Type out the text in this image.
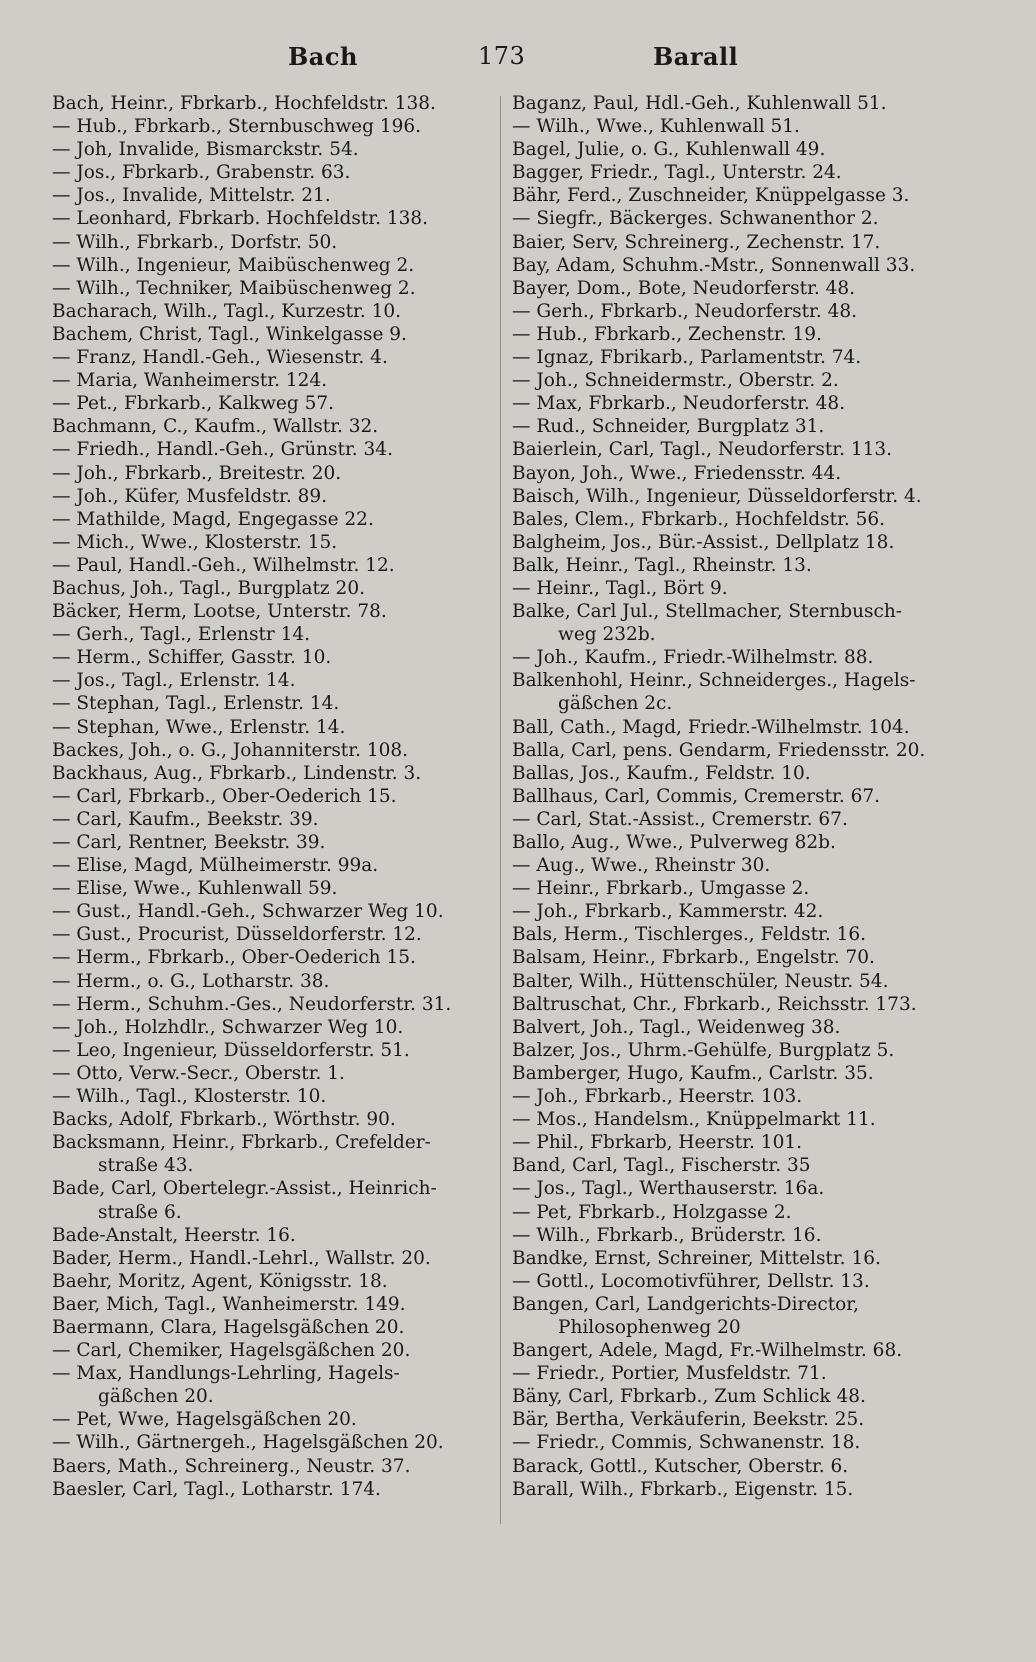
Bach	173	Barall
Bach, Heinr., Fbrkarb., Hochfeldstr. 138.
— Hub., Fbrkarb., Sternbuschweg 196.
— Joh, Invalide, Bismarckstr. 54.
— Jos., Fbrkarb., Grabenstr. 63.
— Jos., Invalide, Mittelstr. 21.
— Leonhard, Fbrkarb. Hochfeldstr. 138.
— Wilh., Fbrkarb., Dorfstr. 50.
— Wilh., Ingenieur, Maibüschenweg 2.
— Wilh., Techniker, Maibüschenweg 2.
Bacharach, Wilh., Tagl., Kurzestr. 10.
Bachem, Christ, Tagl., Winkelgasse 9.
— Franz, Handl.-Geh., Wiesenstr. 4.
— Maria, Wanheimerstr. 124.
— Pet., Fbrkarb., Kalkweg 57.
Bachmann, C., Kaufm., Wallstr. 32.
— Friedh., Handl.-Geh., Grünstr. 34.
— Joh., Fbrkarb., Breitestr. 20.
— Joh., Küfer, Musfeldstr. 89.
— Mathilde, Magd, Engegasse 22.
— Mich., Wwe., Klosterstr. 15.
— Paul, Handl.-Geh., Wilhelmstr. 12.
Bachus, Joh., Tagl., Burgplatz 20.
Bäcker, Herm, Lootse, Unterstr. 78.
— Gerh., Tagl., Erlenstr 14.
— Herm., Schiffer, Gasstr. 10.
— Jos., Tagl., Erlenstr. 14.
— Stephan, Tagl., Erlenstr. 14.
— Stephan, Wwe., Erlenstr. 14.
Backes, Joh., o. G., Johanniterstr. 108.
Backhaus, Aug., Fbrkarb., Lindenstr. 3.
— Carl, Fbrkarb., Ober-Oederich 15.
— Carl, Kaufm., Beekstr. 39.
— Carl, Rentner, Beekstr. 39.
— Elise, Magd, Mülheimerstr. 99a.
— Elise, Wwe., Kuhlenwall 59.
— Gust., Handl.-Geh., Schwarzer Weg 10.
— Gust., Procurist, Düsseldorferstr. 12.
— Herm., Fbrkarb., Ober-Oederich 15.
— Herm., o. G., Lotharstr. 38.
— Herm., Schuhm.-Ges., Neudorferstr. 31.
— Joh., Holzhdlr., Schwarzer Weg 10.
— Leo, Ingenieur, Düsseldorferstr. 51.
— Otto, Verw.-Secr., Oberstr. 1.
— Wilh., Tagl., Klosterstr. 10.
Backs, Adolf, Fbrkarb., Wörthstr. 90.
Backsmann, Heinr., Fbrkarb., Crefelder-
straße 43.
Bade, Carl, Obertelegr.-Assist., Heinrich-
straße 6.
Bade-Anstalt, Heerstr. 16.
Bader, Herm., Handl.-Lehrl., Wallstr. 20.
Baehr, Moritz, Agent, Königsstr. 18.
Baer, Mich, Tagl., Wanheimerstr. 149.
Baermann, Clara, Hagelsgäßchen 20.
— Carl, Chemiker, Hagelsgäßchen 20.
— Max, Handlungs-Lehrling, Hagels-
gäßchen 20.
— Pet, Wwe, Hagelsgäßchen 20.
— Wilh., Gärtnergeh., Hagelsgäßchen 20.
Baers, Math., Schreinerg., Neustr. 37.
Baesler, Carl, Tagl., Lotharstr. 174.
Baganz, Paul, Hdl.-Geh., Kuhlenwall 51.
— Wilh., Wwe., Kuhlenwall 51.
Bagel, Julie, o. G., Kuhlenwall 49.
Bagger, Friedr., Tagl., Unterstr. 24.
Bähr, Ferd., Zuschneider, Knüppelgasse 3.
— Siegfr., Bäckerges. Schwanenthor 2.
Baier, Serv, Schreinerg., Zechenstr. 17.
Bay, Adam, Schuhm.-Mstr., Sonnenwall 33.
Bayer, Dom., Bote, Neudorferstr. 48.
— Gerh., Fbrkarb., Neudorferstr. 48.
— Hub., Fbrkarb., Zechenstr. 19.
— Ignaz, Fbrikarb., Parlamentstr. 74.
— Joh., Schneidermstr., Oberstr. 2.
— Max, Fbrkarb., Neudorferstr. 48.
— Rud., Schneider, Burgplatz 31.
Baierlein, Carl, Tagl., Neudorferstr. 113.
Bayon, Joh., Wwe., Friedensstr. 44.
Baisch, Wilh., Ingenieur, Düsseldorferstr. 4.
Bales, Clem., Fbrkarb., Hochfeldstr. 56.
Balgheim, Jos., Bür.-Assist., Dellplatz 18.
Balk, Heinr., Tagl., Rheinstr. 13.
— Heinr., Tagl., Bört 9.
Balke, Carl Jul., Stellmacher, Sternbusch-
weg 232b.
— Joh., Kaufm., Friedr.-Wilhelmstr. 88.
Balkenhohl, Heinr., Schneiderges., Hagels-
gäßchen 2c.
Ball, Cath., Magd, Friedr.-Wilhelmstr. 104.
Balla, Carl, pens. Gendarm, Friedensstr. 20.
Ballas, Jos., Kaufm., Feldstr. 10.
Ballhaus, Carl, Commis, Cremerstr. 67.
— Carl, Stat.-Assist., Cremerstr. 67.
Ballo, Aug., Wwe., Pulverweg 82b.
— Aug., Wwe., Rheinstr 30.
— Heinr., Fbrkarb., Umgasse 2.
— Joh., Fbrkarb., Kammerstr. 42.
Bals, Herm., Tischlerges., Feldstr. 16.
Balsam, Heinr., Fbrkarb., Engelstr. 70.
Balter, Wilh., Hüttenschüler, Neustr. 54.
Baltruschat, Chr., Fbrkarb., Reichsstr. 173.
Balvert, Joh., Tagl., Weidenweg 38.
Balzer, Jos., Uhrm.-Gehülfe, Burgplatz 5.
Bamberger, Hugo, Kaufm., Carlstr. 35.
— Joh., Fbrkarb., Heerstr. 103.
— Mos., Handelsm., Knüppelmarkt 11.
— Phil., Fbrkarb, Heerstr. 101.
Band, Carl, Tagl., Fischerstr. 35
— Jos., Tagl., Werthauserstr. 16a.
— Pet, Fbrkarb., Holzgasse 2.
— Wilh., Fbrkarb., Brüderstr. 16.
Bandke, Ernst, Schreiner, Mittelstr. 16.
— Gottl., Locomotivführer, Dellstr. 13.
Bangen, Carl, Landgerichts-Director,
Philosophenweg 20
Bangert, Adele, Magd, Fr.-Wilhelmstr. 68.
— Friedr., Portier, Musfeldstr. 71.
Bäny, Carl, Fbrkarb., Zum Schlick 48.
Bär, Bertha, Verkäuferin, Beekstr. 25.
— Friedr., Commis, Schwanenstr. 18.
Barack, Gottl., Kutscher, Oberstr. 6.
Barall, Wilh., Fbrkarb., Eigenstr. 15.
